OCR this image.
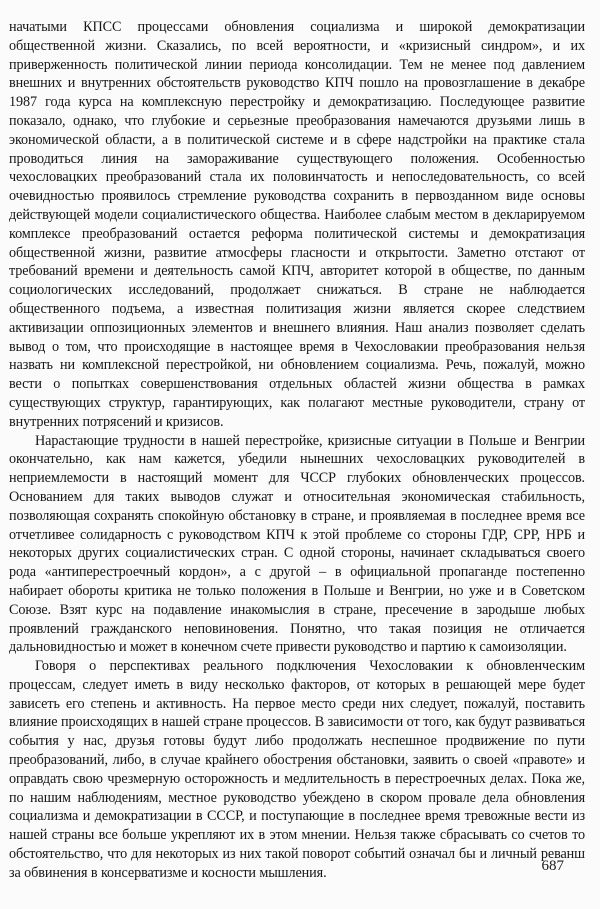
начатыми КПСС процессами обновления социализма и широкой демократизации общественной жизни. Сказались, по всей вероятности, и «кризисный синдром», и их приверженность политической линии периода консолидации. Тем не менее под давлением внешних и внутренних обстоятельств руководство КПЧ пошло на провозглашение в декабре 1987 года курса на комплексную перестройку и демократизацию. Последующее развитие показало, однако, что глубокие и серьезные преобразования намечаются друзьями лишь в экономической области, а в политической системе и в сфере надстройки на практике стала проводиться линия на замораживание существующего положения. Особенностью чехословацких преобразований стала их половинчатость и непоследовательность, со всей очевидностью проявилось стремление руководства сохранить в первозданном виде основы действующей модели социалистического общества. Наиболее слабым местом в декларируемом комплексе преобразований остается реформа политической системы и демократизация общественной жизни, развитие атмосферы гласности и открытости. Заметно отстают от требований времени и деятельность самой КПЧ, авторитет которой в обществе, по данным социологических исследований, продолжает снижаться. В стране не наблюдается общественного подъема, а известная политизация жизни является скорее следствием активизации оппозиционных элементов и внешнего влияния. Наш анализ позволяет сделать вывод о том, что происходящие в настоящее время в Чехословакии преобразования нельзя назвать ни комплексной перестройкой, ни обновлением социализма. Речь, пожалуй, можно вести о попытках совершенствования отдельных областей жизни общества в рамках существующих структур, гарантирующих, как полагают местные руководители, страну от внутренних потрясений и кризисов.

Нарастающие трудности в нашей перестройке, кризисные ситуации в Польше и Венгрии окончательно, как нам кажется, убедили нынешних чехословацких руководителей в неприемлемости в настоящий момент для ЧССР глубоких обновленческих процессов. Основанием для таких выводов служат и относительная экономическая стабильность, позволяющая сохранять спокойную обстановку в стране, и проявляемая в последнее время все отчетливее солидарность с руководством КПЧ к этой проблеме со стороны ГДР, СРР, НРБ и некоторых других социалистических стран. С одной стороны, начинает складываться своего рода «антиперестроечный кордон», а с другой – в официальной пропаганде постепенно набирает обороты критика не только положения в Польше и Венгрии, но уже и в Советском Союзе. Взят курс на подавление инакомыслия в стране, пресечение в зародыше любых проявлений гражданского неповиновения. Понятно, что такая позиция не отличается дальновидностью и может в конечном счете привести руководство и партию к самоизоляции.

Говоря о перспективах реального подключения Чехословакии к обновленческим процессам, следует иметь в виду несколько факторов, от которых в решающей мере будет зависеть его степень и активность. На первое место среди них следует, пожалуй, поставить влияние происходящих в нашей стране процессов. В зависимости от того, как будут развиваться события у нас, друзья готовы будут либо продолжать неспешное продвижение по пути преобразований, либо, в случае крайнего обострения обстановки, заявить о своей «правоте» и оправдать свою чрезмерную осторожность и медлительность в перестроечных делах. Пока же, по нашим наблюдениям, местное руководство убеждено в скором провале дела обновления социализма и демократизации в СССР, и поступающие в последнее время тревожные вести из нашей страны все больше укрепляют их в этом мнении. Нельзя также сбрасывать со счетов то обстоятельство, что для некоторых из них такой поворот событий означал бы и личный реванш за обвинения в консерватизме и косности мышления.	687
